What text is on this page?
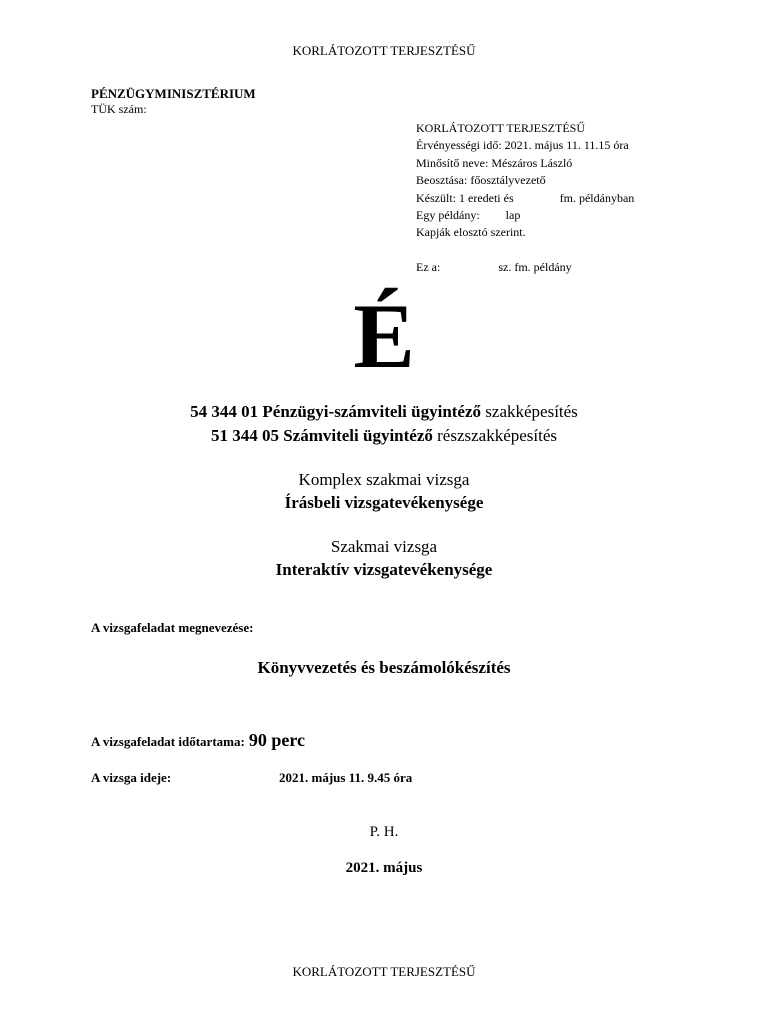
KORLÁTOZOTT TERJESZTÉSŰ
PÉNZÜGYMINISZTÉRIUM
TÜK szám:
KORLÁTOZOTT TERJESZTÉSŰ
Érvényességi idő: 2021. május 11. 11.15 óra
Minősítő neve: Mészáros László
Beosztása: főosztályvezető
Készült: 1 eredeti és	fm. példányban
Egy példány: lap
Kapják elosztó szerint.
Ez a:	sz. fm. példány
É
54 344 01 Pénzügyi-számviteli ügyintéző szakképesítés
51 344 05 Számviteli ügyintéző részszakképesítés
Komplex szakmai vizsga
Írásbeli vizsgatevékenysége
Szakmai vizsga
Interaktív vizsgatevékenysége
A vizsgafeladat megnevezése:
Könyvvezetés és beszámolókészítés
A vizsgafeladat időtartama: 90 perc
A vizsga ideje:	2021. május 11. 9.45 óra
P. H.
2021. május
KORLÁTOZOTT TERJESZTÉSŰ
